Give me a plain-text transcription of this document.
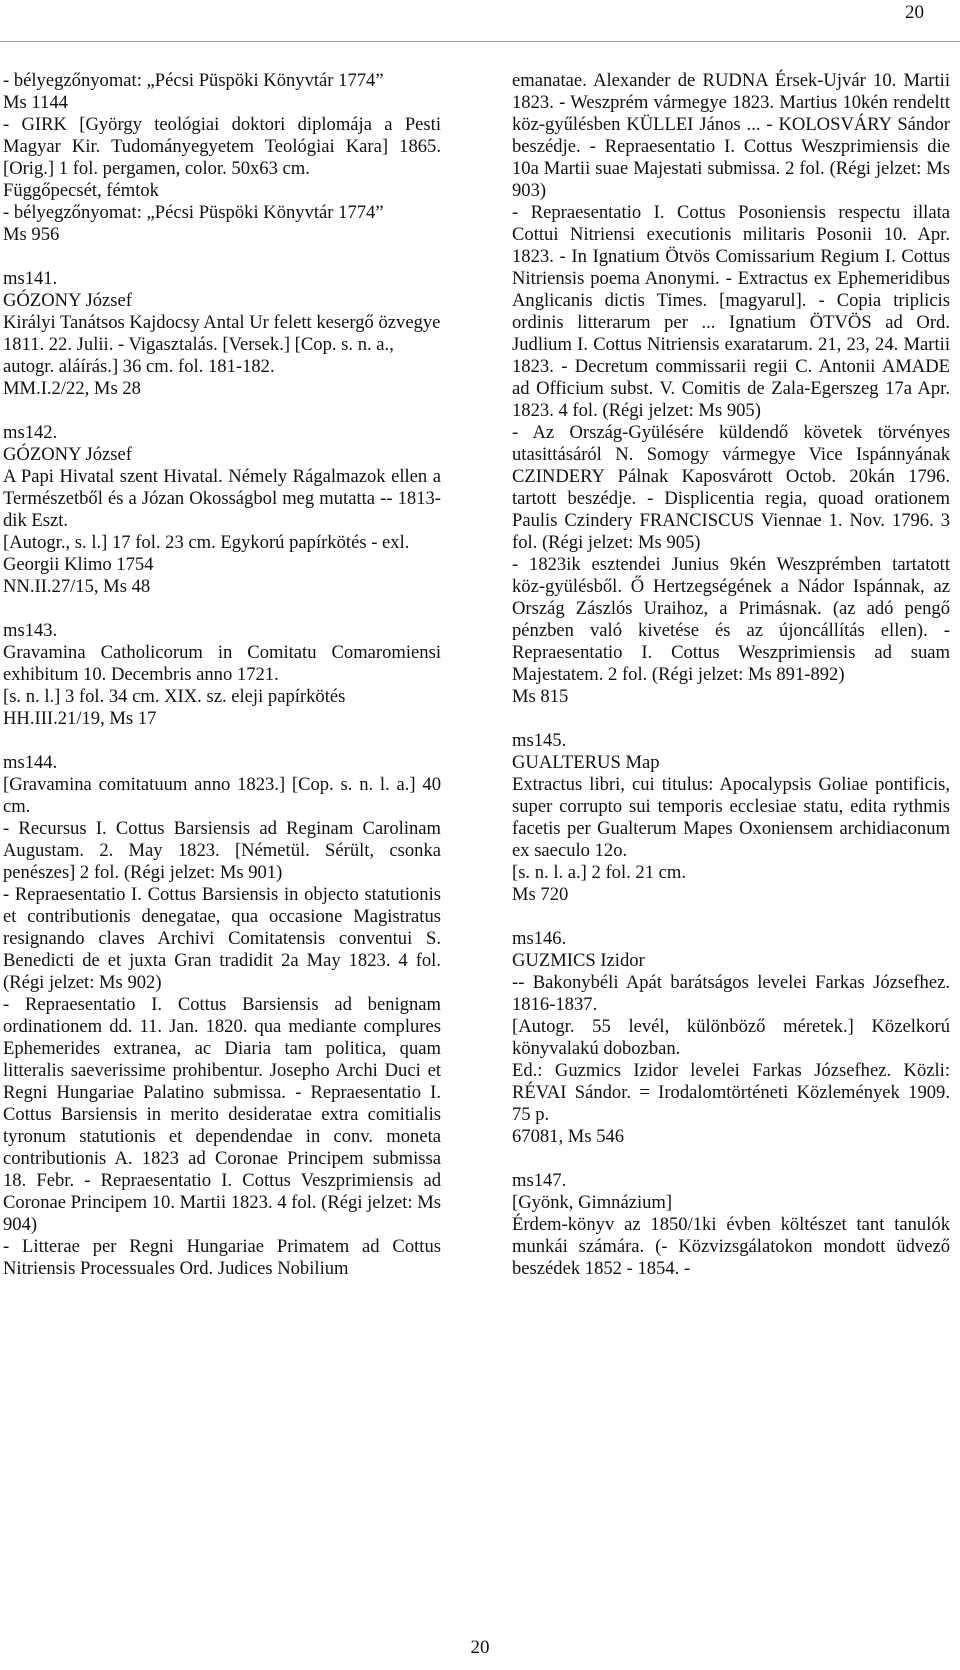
20

- bélyegzőnyomat: „Pécsi Püspöki Könyvtár 1774”

Ms 1144

- GIRK [György teológiai doktori diplomája a Pesti Magyar Kir. Tudományegyetem Teológiai Kara] 1865. [Orig.] 1 fol. pergamen, color. 50x63 cm.

Függőpecsét, fémtok

- bélyegzőnyomat: „Pécsi Püspöki Könyvtár 1774”

Ms 956

ms141.

GÓZONY József

Királyi Tanátsos Kajdocsy Antal Ur felett kesergő özvegye 1811. 22. Julii. - Vigasztalás. [Versek.] [Cop. s. n. a., autogr. aláírás.] 36 cm. fol. 181-182.

MM.I.2/22, Ms 28

ms142.

GÓZONY József

A Papi Hivatal szent Hivatal. Némely Rágalmazok ellen a Természetből és a Józan Okosságbol meg mutatta -- 1813-dik Eszt.

[Autogr., s. l.] 17 fol. 23 cm. Egykorú papírkötés - exl. Georgii Klimo 1754

NN.II.27/15, Ms 48

ms143.

Gravamina Catholicorum in Comitatu Comaromiensi exhibitum 10. Decembris anno 1721.

[s. n. l.] 3 fol. 34 cm. XIX. sz. eleji papírkötés

HH.III.21/19, Ms 17

ms144.

[Gravamina comitatuum anno 1823.] [Cop. s. n. l. a.] 40 cm.

- Recursus I. Cottus Barsiensis ad Reginam Carolinam Augustam. 2. May 1823. [Németül. Sérült, csonka penészes] 2 fol. (Régi jelzet: Ms 901)

- Repraesentatio I. Cottus Barsiensis in objecto statutionis et contributionis denegatae, qua occasione Magistratus resignando claves Archivi Comitatensis conventui S. Benedicti de et juxta Gran tradidit 2a May 1823. 4 fol. (Régi jelzet: Ms 902)

- Repraesentatio I. Cottus Barsiensis ad benignam ordinationem dd. 11. Jan. 1820. qua mediante complures Ephemerides extranea, ac Diaria tam politica, quam litteralis saeverissime prohibentur. Josepho Archi Duci et Regni Hungariae Palatino submissa. - Repraesentatio I. Cottus Barsiensis in merito desideratae extra comitialis tyronum statutionis et dependendae in conv. moneta contributionis A. 1823 ad Coronae Principem submissa 18. Febr. - Repraesentatio I. Cottus Veszprimiensis ad Coronae Principem 10. Martii 1823. 4 fol. (Régi jelzet: Ms 904)

- Litterae per Regni Hungariae Primatem ad Cottus Nitriensis Processuales Ord. Judices Nobilium

emanatae. Alexander de RUDNA Érsek-Ujvár 10. Martii 1823. - Weszprém vármegye 1823. Martius 10kén rendeltt köz-gyűlésben KÜLLEI János ... - KOLOSVÁRY Sándor beszédje. - Repraesentatio I. Cottus Weszprimiensis die 10a Martii suae Majestati submissa. 2 fol. (Régi jelzet: Ms 903)

- Repraesentatio I. Cottus Posoniensis respectu illata Cottui Nitriensi executionis militaris Posonii 10. Apr. 1823. - In Ignatium Ötvös Comissarium Regium I. Cottus Nitriensis poema Anonymi. - Extractus ex Ephemeridibus Anglicanis dictis Times. [magyarul]. - Copia triplicis ordinis litterarum per ... Ignatium ÖTVÖS ad Ord. Judlium I. Cottus Nitriensis exaratarum. 21, 23, 24. Martii 1823. - Decretum commissarii regii C. Antonii AMADE ad Officium subst. V. Comitis de Zala-Egerszeg 17a Apr. 1823. 4 fol. (Régi jelzet: Ms 905)

- Az Ország-Gyülésére küldendő követek törvényes utasittásáról N. Somogy vármegye Vice Ispánnyának CZINDERY Pálnak Kaposvárott Octob. 20kán 1796. tartott beszédje. - Displicentia regia, quoad orationem Paulis Czindery FRANCISCUS Viennae 1. Nov. 1796. 3 fol. (Régi jelzet: Ms 905)

- 1823ik esztendei Junius 9kén Weszprémben tartatott köz-gyülésből. Ő Hertzegségének a Nádor Ispánnak, az Ország Zászlós Uraihoz, a Primásnak. (az adó pengő pénzben való kivetése és az újoncállítás ellen). - Repraesentatio I. Cottus Weszprimiensis ad suam Majestatem. 2 fol. (Régi jelzet: Ms 891-892)

Ms 815

ms145.

GUALTERUS Map

Extractus libri, cui titulus: Apocalypsis Goliae pontificis, super corrupto sui temporis ecclesiae statu, edita rythmis facetis per Gualterum Mapes Oxoniensem archidiaconum ex saeculo 12o.

[s. n. l. a.] 2 fol. 21 cm.

Ms 720

ms146.

GUZMICS Izidor

-- Bakonybéli Apát barátságos levelei Farkas Józsefhez. 1816-1837.

[Autogr. 55 levél, különböző méretek.] Közelkorú könyvalakú dobozban.

Ed.: Guzmics Izidor levelei Farkas Józsefhez. Közli: RÉVAI Sándor. = Irodalomtörténeti Közlemények 1909. 75 p.

67081, Ms 546

ms147.

[Gyönk, Gimnázium]

Érdem-könyv az 1850/1ki évben költészet tant tanulók munkái számára. (- Közvizsgálatokon mondott üdvező beszédek 1852 - 1854. -

20
